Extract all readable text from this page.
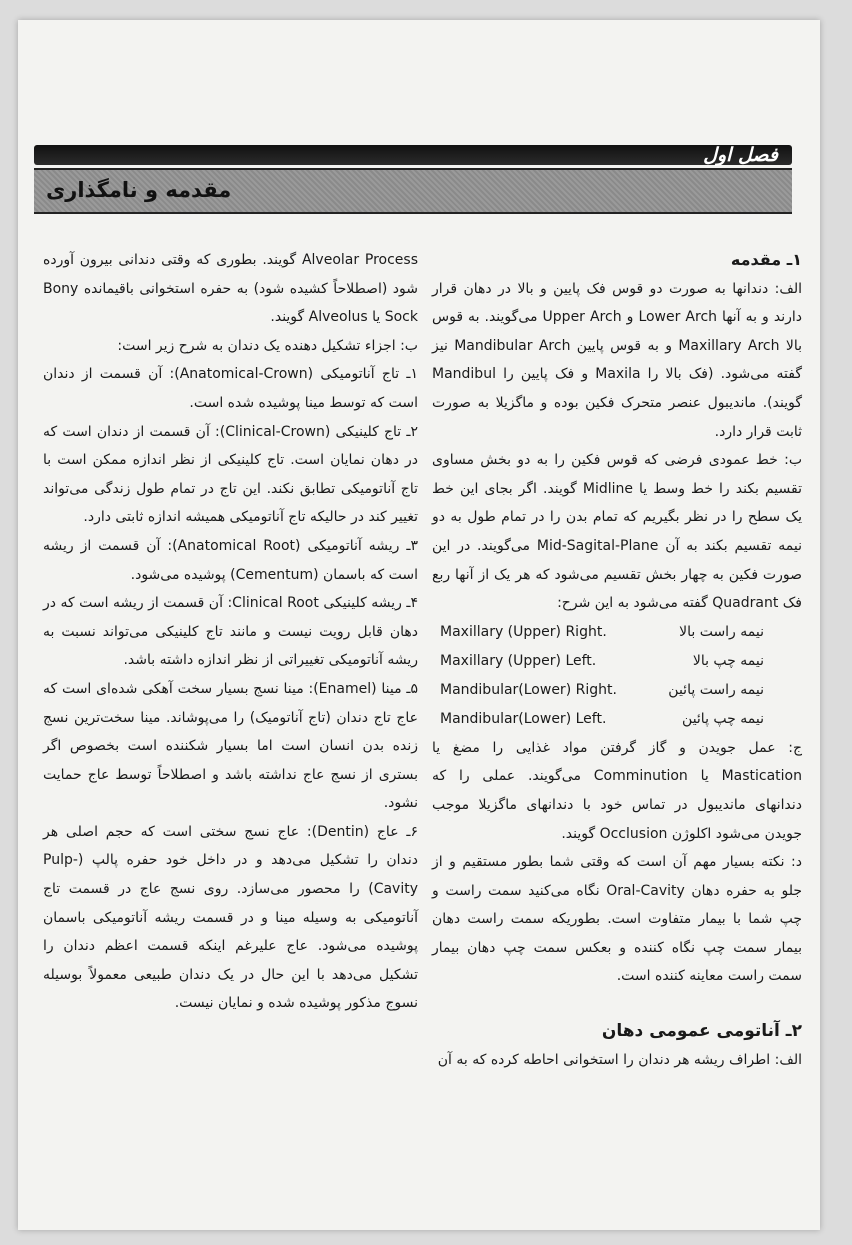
فصل اول
مقدمه و نامگذاری

۱ـ مقدمه

الف: دندانها به صورت دو قوس فک پایین و بالا در دهان قرار دارند و به آنها Lower Arch و Upper Arch می‌گویند. به قوس بالا Maxillary Arch و به قوس پایین Mandibular Arch نیز گفته می‌شود. (فک بالا را Maxila و فک پایین را Mandibul گویند). ماندیبول عنصر متحرک فکین بوده و ماگزیلا به صورت ثابت قرار دارد.

ب: خط عمودی فرضی که قوس فکین را به دو بخش مساوی تقسیم بکند را خط وسط یا Midline گویند. اگر بجای این خط یک سطح را در نظر بگیریم که تمام بدن را در تمام طول به دو نیمه تقسیم بکند به آن Mid-Sagital-Plane می‌گویند. در این صورت فکین به چهار بخش تقسیم می‌شود که هر یک از آنها ربع فک Quadrant گفته می‌شود به این شرح:

نیمه راست بالا
Maxillary (Upper) Right.
نیمه چپ بالا
Maxillary (Upper) Left.
نیمه راست پائین
Mandibular(Lower) Right.
نیمه چپ پائین
Mandibular(Lower) Left.

ج: عمل جویدن و گاز گرفتن مواد غذایی را مضغ یا Mastication یا Comminution می‌گویند. عملی را که دندانهای ماندیبول در تماس خود با دندانهای ماگزیلا موجب جویدن می‌شود اکلوژن Occlusion گویند.

د: نکته بسیار مهم آن است که وقتی شما بطور مستقیم و از جلو به حفره دهان Oral-Cavity نگاه می‌کنید سمت راست و چپ شما با بیمار متفاوت است. بطوریکه سمت راست دهان بیمار سمت چپ نگاه کننده و بعکس سمت چپ دهان بیمار سمت راست معاینه کننده است.

۲ـ آناتومی عمومی دهان

الف: اطراف ریشه هر دندان را استخوانی احاطه کرده که به آن

Alveolar Process گویند. بطوری که وقتی دندانی بیرون آورده شود (اصطلاحاً کشیده شود) به حفره استخوانی باقیمانده Bony Sock یا Alveolus گویند.

ب: اجزاء تشکیل دهنده یک دندان به شرح زیر است:

۱ـ تاج آناتومیکی (Anatomical-Crown): آن قسمت از دندان است که توسط مینا پوشیده شده است.

۲ـ تاج کلینیکی (Clinical-Crown): آن قسمت از دندان است که در دهان نمایان است. تاج کلینیکی از نظر اندازه ممکن است با تاج آناتومیکی تطابق نکند. این تاج در تمام طول زندگی می‌تواند تغییر کند در حالیکه تاج آناتومیکی همیشه اندازه ثابتی دارد.

۳ـ ریشه آناتومیکی (Anatomical Root): آن قسمت از ریشه است که باسمان (Cementum) پوشیده می‌شود.

۴ـ ریشه کلینیکی Clinical Root: آن قسمت از ریشه است که در دهان قابل رویت نیست و مانند تاج کلینیکی می‌تواند نسبت به ریشه آناتومیکی تغییراتی از نظر اندازه داشته باشد.

۵ـ مینا (Enamel): مینا نسج بسیار سخت آهکی شده‌ای است که عاج تاج دندان (تاج آناتومیک) را می‌پوشاند. مینا سخت‌ترین نسج زنده بدن انسان است اما بسیار شکننده است بخصوص اگر بستری از نسج عاج نداشته باشد و اصطلاحاً توسط عاج حمایت نشود.

۶ـ عاج (Dentin): عاج نسج سختی است که حجم اصلی هر دندان را تشکیل می‌دهد و در داخل خود حفره پالپ (Pulp-Cavity) را محصور می‌سازد. روی نسج عاج در قسمت تاج آناتومیکی به وسیله مینا و در قسمت ریشه آناتومیکی باسمان پوشیده می‌شود. عاج علیرغم اینکه قسمت اعظم دندان را تشکیل می‌دهد با این حال در یک دندان طبیعی معمولاً بوسیله نسوج مذکور پوشیده شده و نمایان نیست.
